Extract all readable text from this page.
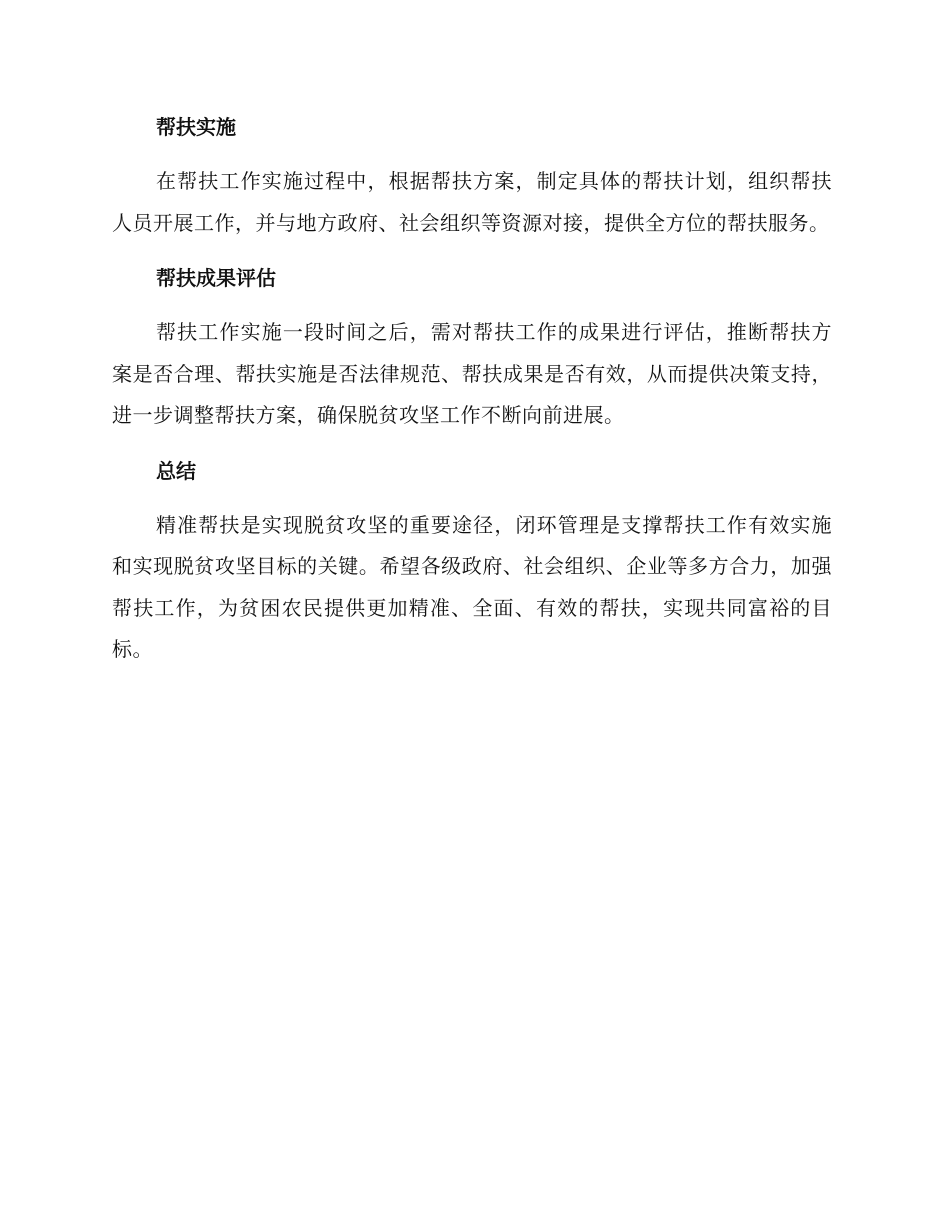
帮扶实施

在帮扶工作实施过程中，根据帮扶方案，制定具体的帮扶计划，组织帮扶人员开展工作，并与地方政府、社会组织等资源对接，提供全方位的帮扶服务。

帮扶成果评估

帮扶工作实施一段时间之后，需对帮扶工作的成果进行评估，推断帮扶方案是否合理、帮扶实施是否法律规范、帮扶成果是否有效，从而提供决策支持，进一步调整帮扶方案，确保脱贫攻坚工作不断向前进展。

总结

精准帮扶是实现脱贫攻坚的重要途径，闭环管理是支撑帮扶工作有效实施和实现脱贫攻坚目标的关键。希望各级政府、社会组织、企业等多方合力，加强帮扶工作，为贫困农民提供更加精准、全面、有效的帮扶，实现共同富裕的目标。
